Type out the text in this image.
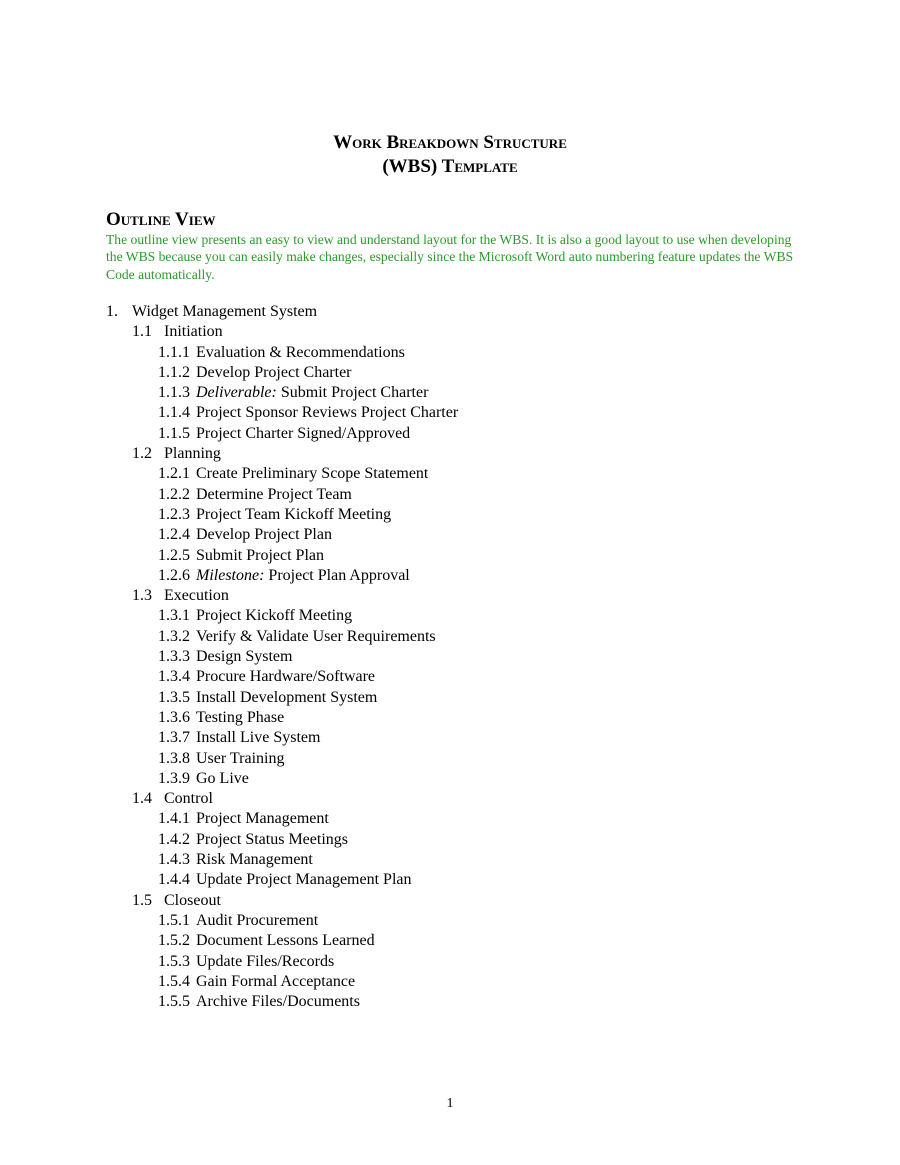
Work Breakdown Structure
(WBS) Template
Outline View
The outline view presents an easy to view and understand layout for the WBS. It is also a good layout to use when developing the WBS because you can easily make changes, especially since the Microsoft Word auto numbering feature updates the WBS Code automatically.
1. Widget Management System
1.1 Initiation
1.1.1 Evaluation & Recommendations
1.1.2 Develop Project Charter
1.1.3 Deliverable: Submit Project Charter
1.1.4 Project Sponsor Reviews Project Charter
1.1.5 Project Charter Signed/Approved
1.2 Planning
1.2.1 Create Preliminary Scope Statement
1.2.2 Determine Project Team
1.2.3 Project Team Kickoff Meeting
1.2.4 Develop Project Plan
1.2.5 Submit Project Plan
1.2.6 Milestone: Project Plan Approval
1.3 Execution
1.3.1 Project Kickoff Meeting
1.3.2 Verify & Validate User Requirements
1.3.3 Design System
1.3.4 Procure Hardware/Software
1.3.5 Install Development System
1.3.6 Testing Phase
1.3.7 Install Live System
1.3.8 User Training
1.3.9 Go Live
1.4 Control
1.4.1 Project Management
1.4.2 Project Status Meetings
1.4.3 Risk Management
1.4.4 Update Project Management Plan
1.5 Closeout
1.5.1 Audit Procurement
1.5.2 Document Lessons Learned
1.5.3 Update Files/Records
1.5.4 Gain Formal Acceptance
1.5.5 Archive Files/Documents
1
